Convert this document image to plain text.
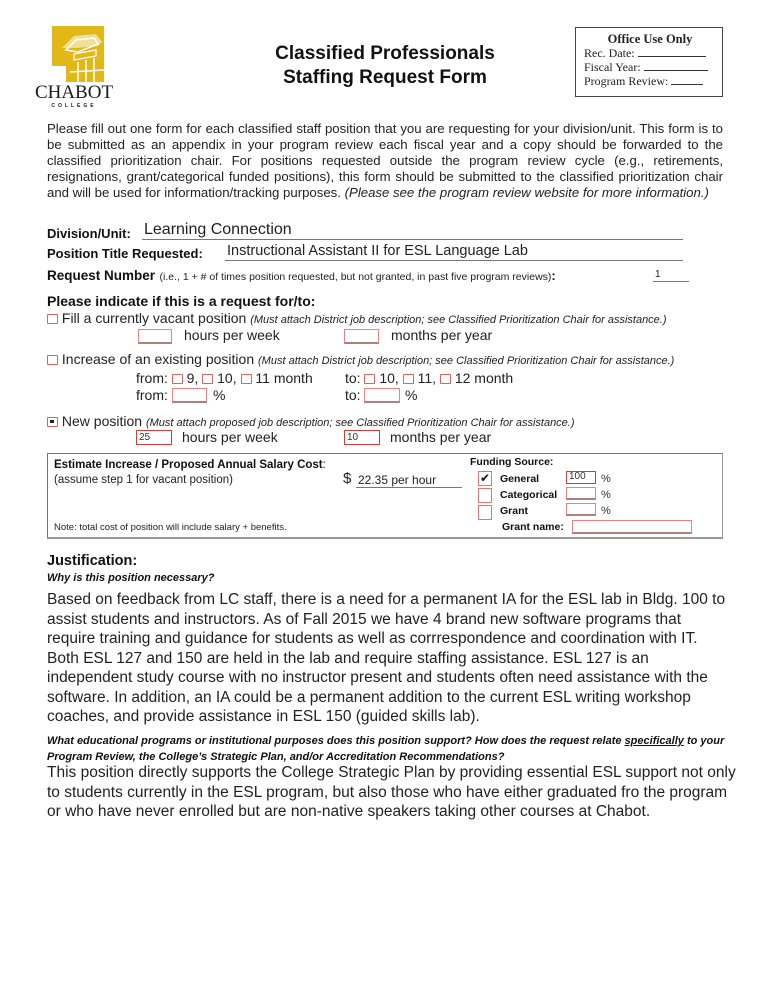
CHABOT
COLLEGE
Classified Professionals
Staffing Request Form
Office Use Only
Rec. Date:
Fiscal Year:
Program Review:
Please fill out one form for each classified staff position that you are requesting for your division/unit. This form is to be submitted as an appendix in your program review each fiscal year and a copy should be forwarded to the classified prioritization chair. For positions requested outside the program review cycle (e.g., retirements, resignations, grant/categorical funded positions), this form should be submitted to the classified prioritization chair and will be used for information/tracking purposes. (Please see the program review website for more information.)
Division/Unit: Learning Connection
Position Title Requested: Instructional Assistant II for ESL Language Lab
Request Number (i.e., 1 + # of times position requested, but not granted, in past five program reviews):	1
Please indicate if this is a request for/to:
Fill a currently vacant position (Must attach District job description; see Classified Prioritization Chair for assistance.)
hours per week	months per year
Increase of an existing position (Must attach District job description; see Classified Prioritization Chair for assistance.)
from: 9, 10, 11 month to: 10, 11, 12 month
from:	%	to:	%
New position (Must attach proposed job description; see Classified Prioritization Chair for assistance.)
25	hours per week	10	months per year
Estimate Increase / Proposed Annual Salary Cost:
(assume step 1 for vacant position)	$ 22.35 per hour
Note: total cost of position will include salary + benefits.
Funding Source:
✔ General	100	%
Categorical	%
Grant	%
Grant name:
Justification:
Why is this position necessary?
Based on feedback from LC staff, there is a need for a permanent IA for the ESL lab in Bldg. 100 to assist students and instructors. As of Fall 2015 we have 4 brand new software programs that require training and guidance for students as well as corrrespondence and coordination with IT. Both ESL 127 and 150 are held in the lab and require staffing assistance. ESL 127 is an independent study course with no instructor present and students often need assistance with the software. In addition, an IA could be a permanent addition to the current ESL writing workshop coaches, and provide assistance in ESL 150 (guided skills lab).
What educational programs or institutional purposes does this position support? How does the request relate specifically to your Program Review, the College’s Strategic Plan, and/or Accreditation Recommendations?
This position directly supports the College Strategic Plan by providing essential ESL support not only to students currently in the ESL program, but also those who have either graduated fro the program or who have never enrolled but are non-native speakers taking other courses at Chabot.
